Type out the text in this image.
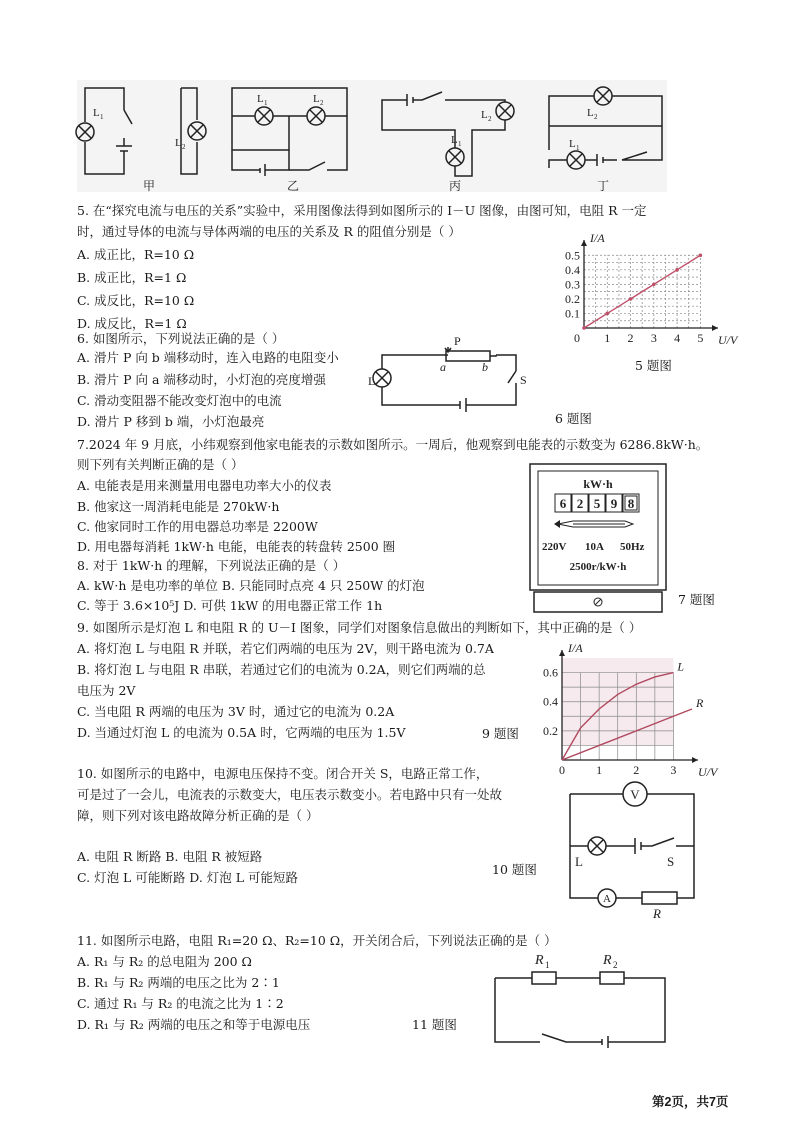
L 1
L 2
L 1	L 2
L 1
L 2	L 2
L 1
甲	乙	丙	丁
5. 在“探究电流与电压的关系”实验中，采用图像法得到如图所示的 I－U 图像，由图可知，电阻 R 一定
时，通过导体的电流与导体两端的电压的关系及 R 的阻值分别是（ ）
A. 成正比，R=10 Ω
B. 成正比，R=1 Ω
C. 成反比，R=10 Ω
D. 成反比，R=1 Ω
1 2 3 4 5
0.1
0.2
0.3
0.4
0.5
0
I/A
U/V
5 题图
6. 如图所示，下列说法正确的是（ ）
A. 滑片 P 向 b 端移动时，连入电路的电阻变小
B. 滑片 P 向 a 端移动时，小灯泡的亮度增强
C. 滑动变阻器不能改变灯泡中的电流
D. 滑片 P 移到 b 端，小灯泡最亮
P
a	b
L	S
6 题图
7.2024 年 9 月底，小纬观察到他家电能表的示数如图所示。一周后，他观察到电能表的示数变为 6286.8kW·h。
则下列有关判断正确的是（ ）
A. 电能表是用来测量用电器电功率大小的仪表
B. 他家这一周消耗电能是 270kW·h
C. 他家同时工作的用电器总功率是 2200W
D. 用电器每消耗 1kW·h 电能，电能表的转盘转 2500 圈
kW·h
6 2 5 9 8
220V 10A 50Hz
2500r/kW·h
7 题图
8. 对于 1kW·h 的理解，下列说法正确的是（ ）
A. kW·h 是电功率的单位 B. 只能同时点亮 4 只 250W 的灯泡
C. 等于 3.6×10⁵J D. 可供 1kW 的用电器正常工作 1h
9. 如图所示是灯泡 L 和电阻 R 的 U－I 图象，同学们对图象信息做出的判断如下，其中正确的是（ ）
A. 将灯泡 L 与电阻 R 并联，若它们两端的电压为 2V，则干路电流为 0.7A
B. 将灯泡 L 与电阻 R 串联，若通过它们的电流为 0.2A，则它们两端的总
电压为 2V
C. 当电阻 R 两端的电压为 3V 时，通过它的电流为 0.2A
D. 当通过灯泡 L 的电流为 0.5A 时，它两端的电压为 1.5V
0	1	2	3
0.2
0.4
0.6
I/A
U/V
L
R
9 题图
10. 如图所示的电路中，电源电压保持不变。闭合开关 S，电路正常工作，
可是过了一会儿，电流表的示数变大，电压表示数变小。若电路中只有一处故
障，则下列对该电路故障分析正确的是（ ）
A. 电阻 R 断路 B. 电阻 R 被短路
C. 灯泡 L 可能断路 D. 灯泡 L 可能短路
10 题图
V
A
L	S
R
11. 如图所示电路，电阻 R₁=20 Ω、R₂=10 Ω，开关闭合后，下列说法正确的是（ ）
A. R₁ 与 R₂ 的总电阻为 200 Ω
B. R₁ 与 R₂ 两端的电压之比为 2∶1
C. 通过 R₁ 与 R₂ 的电流之比为 1∶2
D. R₁ 与 R₂ 两端的电压之和等于电源电压	11 题图
R 1	R 2
第2页，共7页
